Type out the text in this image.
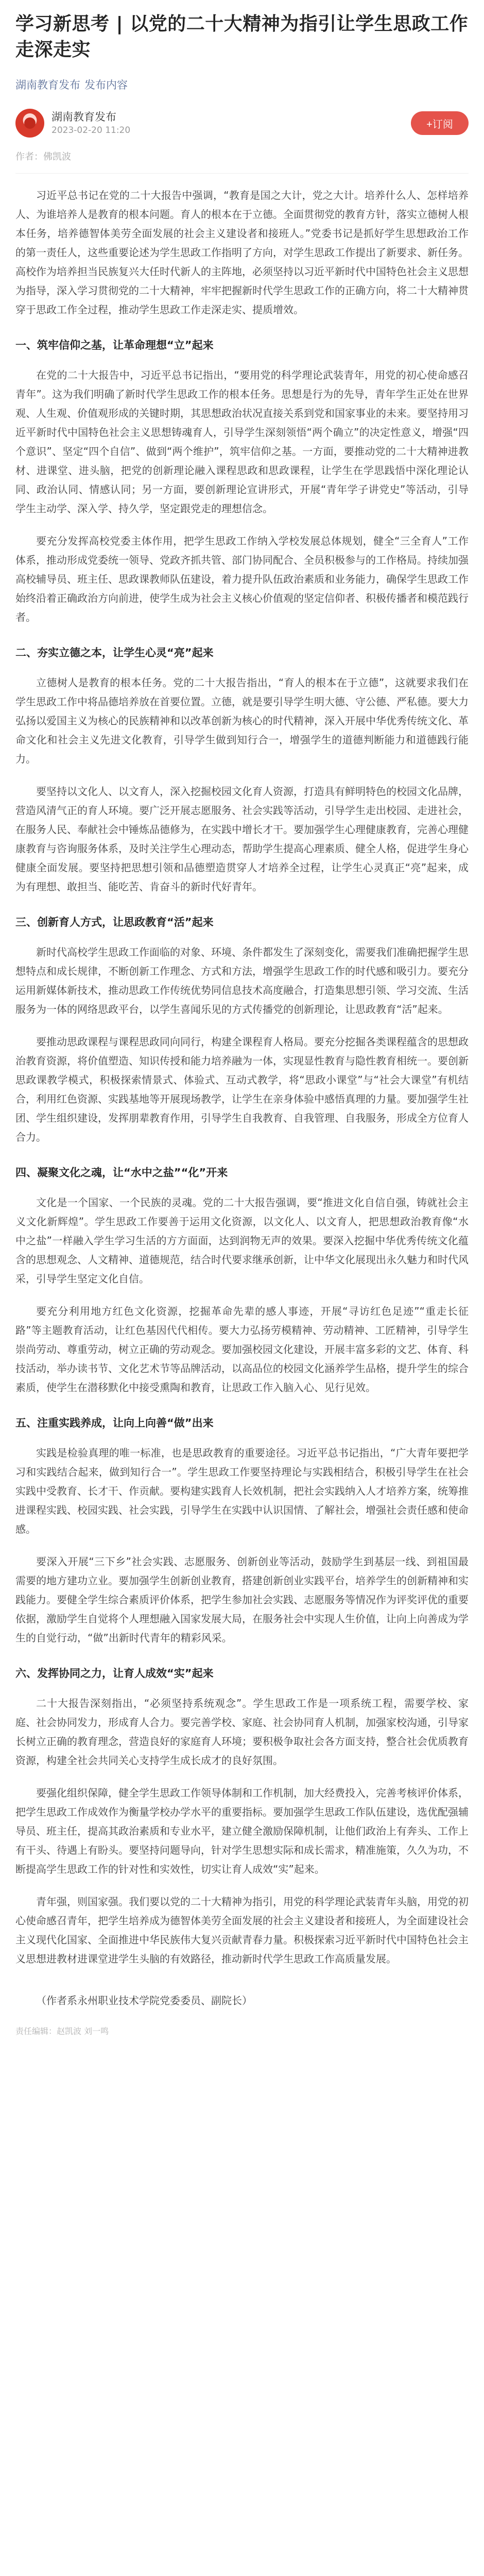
学习新思考 | 以党的二十大精神为指引让学生思政工作走深走实
湖南教育发布 发布内容
湖南教育发布
2023-02-20 11:20
+订阅
作者：佛凯波

习近平总书记在党的二十大报告中强调，“教育是国之大计，党之大计。培养什么人、怎样培养人、为谁培养人是教育的根本问题。育人的根本在于立德。全面贯彻党的教育方针，落实立德树人根本任务，培养德智体美劳全面发展的社会主义建设者和接班人。”党委书记是抓好学生思想政治工作的第一责任人，这些重要论述为学生思政工作指明了方向，对学生思政工作提出了新要求、新任务。高校作为培养担当民族复兴大任时代新人的主阵地，必须坚持以习近平新时代中国特色社会主义思想为指导，深入学习贯彻党的二十大精神，牢牢把握新时代学生思政工作的正确方向，将二十大精神贯穿于思政工作全过程，推动学生思政工作走深走实、提质增效。

一、筑牢信仰之基，让革命理想“立”起来

在党的二十大报告中，习近平总书记指出，“要用党的科学理论武装青年，用党的初心使命感召青年”。这为我们明确了新时代学生思政工作的根本任务。思想是行为的先导，青年学生正处在世界观、人生观、价值观形成的关键时期，其思想政治状况直接关系到党和国家事业的未来。要坚持用习近平新时代中国特色社会主义思想铸魂育人，引导学生深刻领悟“两个确立”的决定性意义，增强“四个意识”、坚定“四个自信”、做到“两个维护”，筑牢信仰之基。一方面，要推动党的二十大精神进教材、进课堂、进头脑，把党的创新理论融入课程思政和思政课程，让学生在学思践悟中深化理论认同、政治认同、情感认同；另一方面，要创新理论宣讲形式，开展“青年学子讲党史”等活动，引导学生主动学、深入学、持久学，坚定跟党走的理想信念。

要充分发挥高校党委主体作用，把学生思政工作纳入学校发展总体规划，健全“三全育人”工作体系，推动形成党委统一领导、党政齐抓共管、部门协同配合、全员积极参与的工作格局。持续加强高校辅导员、班主任、思政课教师队伍建设，着力提升队伍政治素质和业务能力，确保学生思政工作始终沿着正确政治方向前进，使学生成为社会主义核心价值观的坚定信仰者、积极传播者和模范践行者。

二、夯实立德之本，让学生心灵“亮”起来

立德树人是教育的根本任务。党的二十大报告指出，“育人的根本在于立德”，这就要求我们在学生思政工作中将品德培养放在首要位置。立德，就是要引导学生明大德、守公德、严私德。要大力弘扬以爱国主义为核心的民族精神和以改革创新为核心的时代精神，深入开展中华优秀传统文化、革命文化和社会主义先进文化教育，引导学生做到知行合一，增强学生的道德判断能力和道德践行能力。

要坚持以文化人、以文育人，深入挖掘校园文化育人资源，打造具有鲜明特色的校园文化品牌，营造风清气正的育人环境。要广泛开展志愿服务、社会实践等活动，引导学生走出校园、走进社会，在服务人民、奉献社会中锤炼品德修为，在实践中增长才干。要加强学生心理健康教育，完善心理健康教育与咨询服务体系，及时关注学生心理动态，帮助学生提高心理素质、健全人格，促进学生身心健康全面发展。要坚持把思想引领和品德塑造贯穿人才培养全过程，让学生心灵真正“亮”起来，成为有理想、敢担当、能吃苦、肯奋斗的新时代好青年。

三、创新育人方式，让思政教育“活”起来

新时代高校学生思政工作面临的对象、环境、条件都发生了深刻变化，需要我们准确把握学生思想特点和成长规律，不断创新工作理念、方式和方法，增强学生思政工作的时代感和吸引力。要充分运用新媒体新技术，推动思政工作传统优势同信息技术高度融合，打造集思想引领、学习交流、生活服务为一体的网络思政平台，以学生喜闻乐见的方式传播党的创新理论，让思政教育“活”起来。

要推动思政课程与课程思政同向同行，构建全课程育人格局。要充分挖掘各类课程蕴含的思想政治教育资源，将价值塑造、知识传授和能力培养融为一体，实现显性教育与隐性教育相统一。要创新思政课教学模式，积极探索情景式、体验式、互动式教学，将“思政小课堂”与“社会大课堂”有机结合，利用红色资源、实践基地等开展现场教学，让学生在亲身体验中感悟真理的力量。要加强学生社团、学生组织建设，发挥朋辈教育作用，引导学生自我教育、自我管理、自我服务，形成全方位育人合力。

四、凝聚文化之魂，让“水中之盐”“化”开来

文化是一个国家、一个民族的灵魂。党的二十大报告强调，要“推进文化自信自强，铸就社会主义文化新辉煌”。学生思政工作要善于运用文化资源，以文化人、以文育人，把思想政治教育像“水中之盐”一样融入学生学习生活的方方面面，达到润物无声的效果。要深入挖掘中华优秀传统文化蕴含的思想观念、人文精神、道德规范，结合时代要求继承创新，让中华文化展现出永久魅力和时代风采，引导学生坚定文化自信。

要充分利用地方红色文化资源，挖掘革命先辈的感人事迹，开展“寻访红色足迹”“重走长征路”等主题教育活动，让红色基因代代相传。要大力弘扬劳模精神、劳动精神、工匠精神，引导学生崇尚劳动、尊重劳动，树立正确的劳动观念。要加强校园文化建设，开展丰富多彩的文艺、体育、科技活动，举办读书节、文化艺术节等品牌活动，以高品位的校园文化涵养学生品格，提升学生的综合素质，使学生在潜移默化中接受熏陶和教育，让思政工作入脑入心、见行见效。

五、注重实践养成，让向上向善“做”出来

实践是检验真理的唯一标准，也是思政教育的重要途径。习近平总书记指出，“广大青年要把学习和实践结合起来，做到知行合一”。学生思政工作要坚持理论与实践相结合，积极引导学生在社会实践中受教育、长才干、作贡献。要构建实践育人长效机制，把社会实践纳入人才培养方案，统筹推进课程实践、校园实践、社会实践，引导学生在实践中认识国情、了解社会，增强社会责任感和使命感。

要深入开展“三下乡”社会实践、志愿服务、创新创业等活动，鼓励学生到基层一线、到祖国最需要的地方建功立业。要加强学生创新创业教育，搭建创新创业实践平台，培养学生的创新精神和实践能力。要健全学生综合素质评价体系，把学生参加社会实践、志愿服务等情况作为评奖评优的重要依据，激励学生自觉将个人理想融入国家发展大局，在服务社会中实现人生价值，让向上向善成为学生的自觉行动，“做”出新时代青年的精彩风采。

六、发挥协同之力，让育人成效“实”起来

二十大报告深刻指出，“必须坚持系统观念”。学生思政工作是一项系统工程，需要学校、家庭、社会协同发力，形成育人合力。要完善学校、家庭、社会协同育人机制，加强家校沟通，引导家长树立正确的教育理念，营造良好的家庭育人环境；要积极争取社会各方面支持，整合社会优质教育资源，构建全社会共同关心支持学生成长成才的良好氛围。

要强化组织保障，健全学生思政工作领导体制和工作机制，加大经费投入，完善考核评价体系，把学生思政工作成效作为衡量学校办学水平的重要指标。要加强学生思政工作队伍建设，选优配强辅导员、班主任，提高其政治素质和专业水平，建立健全激励保障机制，让他们政治上有奔头、工作上有干头、待遇上有盼头。要坚持问题导向，针对学生思想实际和成长需求，精准施策，久久为功，不断提高学生思政工作的针对性和实效性，切实让育人成效“实”起来。

青年强，则国家强。我们要以党的二十大精神为指引，用党的科学理论武装青年头脑，用党的初心使命感召青年，把学生培养成为德智体美劳全面发展的社会主义建设者和接班人，为全面建设社会主义现代化国家、全面推进中华民族伟大复兴贡献青春力量。积极探索习近平新时代中国特色社会主义思想进教材进课堂进学生头脑的有效路径，推动新时代学生思政工作高质量发展。

（作者系永州职业技术学院党委委员、副院长）

责任编辑：赵凯波 刘一鸣
